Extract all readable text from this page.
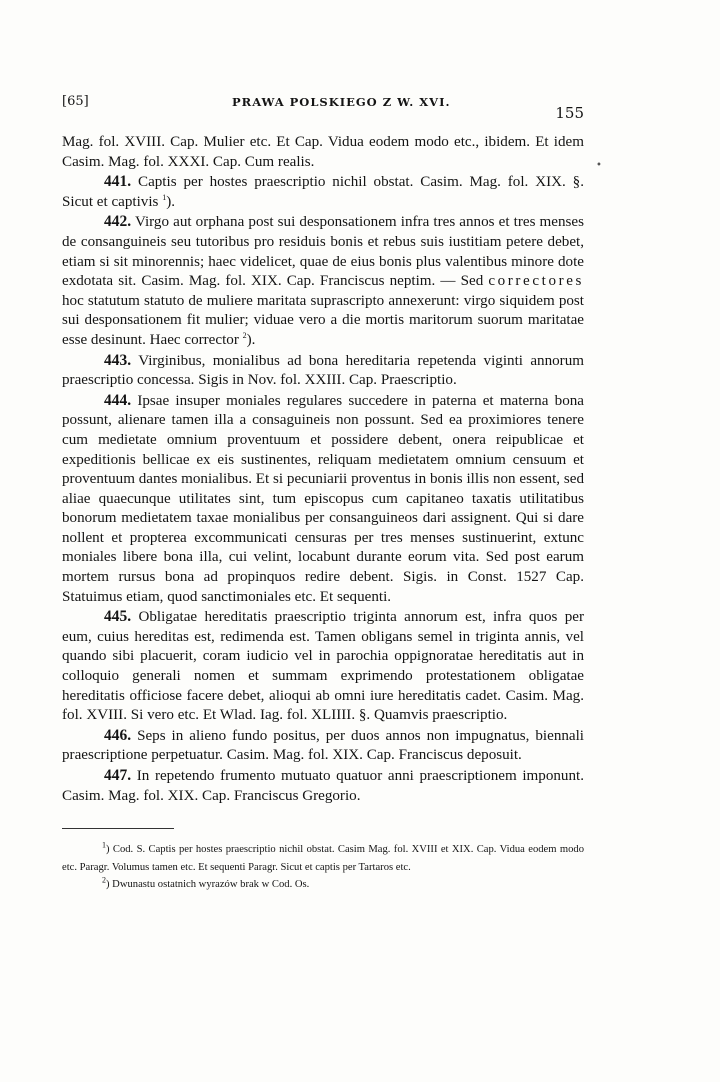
[65]	PRAWA POLSKIEGO Z W. XVI.
155

Mag. fol. XVIII. Cap. Mulier etc. Et Cap. Vidua eodem modo etc., ibidem. Et idem Casim. Mag. fol. XXXI. Cap. Cum realis.

441. Captis per hostes praescriptio nichil obstat. Casim. Mag. fol. XIX. §. Sicut et captivis $^1$).

442. Virgo aut orphana post sui desponsationem infra tres annos et tres menses de consanguineis seu tutoribus pro residuis bonis et rebus suis iustitiam petere debet, etiam si sit minorennis; haec videlicet, quae de eius bonis plus valentibus minore dote exdotata sit. Casim. Mag. fol. XIX. Cap. Franciscus neptim. — Sed correctores hoc statutum statuto de muliere maritata suprascripto annexerunt: virgo siquidem post sui desponsationem fit mulier; viduae vero a die mortis maritorum suorum maritatae esse desinunt. Haec corrector $^2$).

443. Virginibus, monialibus ad bona hereditaria repetenda viginti annorum praescriptio concessa. Sigis in Nov. fol. XXIII. Cap. Praescriptio.

444. Ipsae insuper moniales regulares succedere in paterna et materna bona possunt, alienare tamen illa a consaguineis non possunt. Sed ea proximiores tenere cum medietate omnium proventuum et possidere debent, onera reipublicae et expeditionis bellicae ex eis sustinentes, reliquam medietatem omnium censuum et proventuum dantes monialibus. Et si pecuniarii proventus in bonis illis non essent, sed aliae quaecunque utilitates sint, tum episcopus cum capitaneo taxatis utilitatibus bonorum medietatem taxae monialibus per consanguineos dari assignent. Qui si dare nollent et propterea excommunicati censuras per tres menses sustinuerint, extunc moniales libere bona illa, cui velint, locabunt durante eorum vita. Sed post earum mortem rursus bona ad propinquos redire debent. Sigis. in Const. 1527 Cap. Statuimus etiam, quod sanctimoniales etc. Et sequenti.

445. Obligatae hereditatis praescriptio triginta annorum est, infra quos per eum, cuius hereditas est, redimenda est. Tamen obligans semel in triginta annis, vel quando sibi placuerit, coram iudicio vel in parochia oppignoratae hereditatis aut in colloquio generali nomen et summam exprimendo protestationem obligatae hereditatis officiose facere debet, alioqui ab omni iure hereditatis cadet. Casim. Mag. fol. XVIII. Si vero etc. Et Wlad. Iag. fol. XLIIII. §. Quamvis praescriptio.

446. Seps in alieno fundo positus, per duos annos non impugnatus, biennali praescriptione perpetuatur. Casim. Mag. fol. XIX. Cap. Franciscus deposuit.

447. In repetendo frumento mutuato quatuor anni praescriptionem imponunt. Casim. Mag. fol. XIX. Cap. Franciscus Gregorio.

$^1$) Cod. S. Captis per hostes praescriptio nichil obstat. Casim Mag. fol. XVIII et XIX. Cap. Vidua eodem modo etc. Paragr. Volumus tamen etc. Et sequenti Paragr. Sicut et captis per Tartaros etc.

$^2$) Dwunastu ostatnich wyrazów brak w Cod. Os.

•
